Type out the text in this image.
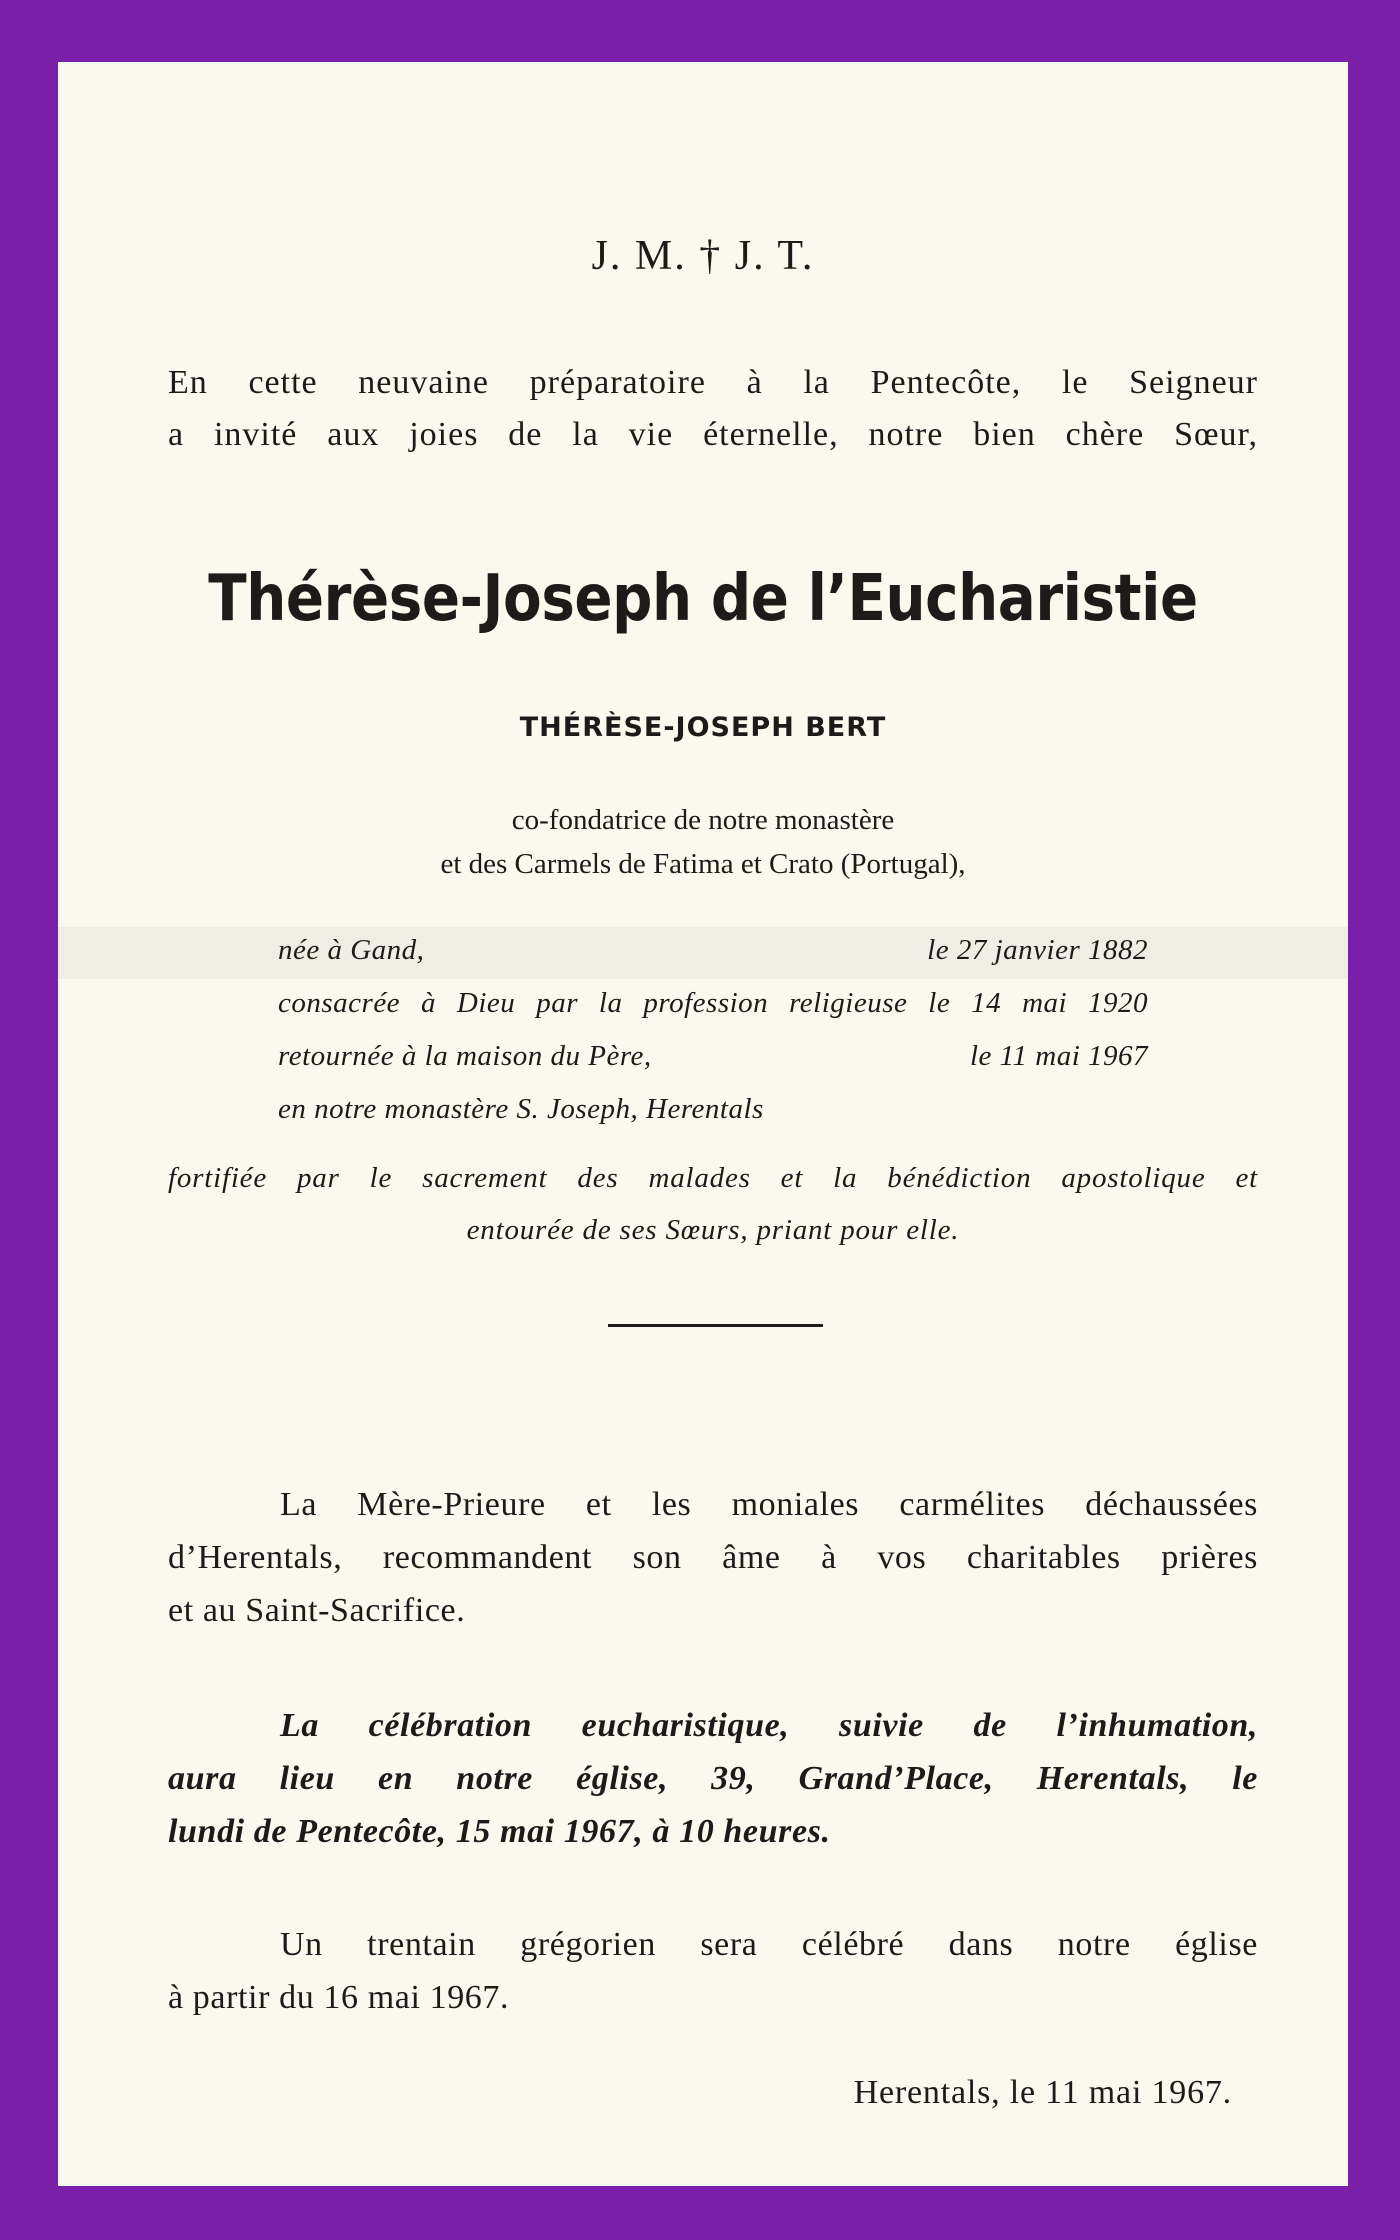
J. M. † J. T.
En cette neuvaine préparatoire à la Pentecôte, le Seigneur
a invité aux joies de la vie éternelle, notre bien chère Sœur,
Thérèse-Joseph de l’Eucharistie
THÉRÈSE-JOSEPH BERT
co-fondatrice de notre monastère
et des Carmels de Fatima et Crato (Portugal),
née à Gand,	le 27 janvier 1882
consacrée à Dieu par la profession religieuse le 14 mai 1920
retournée à la maison du Père,	le 11 mai 1967
en notre monastère S. Joseph, Herentals
fortifiée par le sacrement des malades et la bénédiction apostolique et
entourée de ses Sœurs, priant pour elle.
La Mère-Prieure et les moniales carmélites déchaussées
d’Herentals, recommandent son âme à vos charitables prières
et au Saint-Sacrifice.
La célébration eucharistique, suivie de l’inhumation,
aura lieu en notre église, 39, Grand’Place, Herentals, le
lundi de Pentecôte, 15 mai 1967, à 10 heures.
Un trentain grégorien sera célébré dans notre église
à partir du 16 mai 1967.
Herentals, le 11 mai 1967.
